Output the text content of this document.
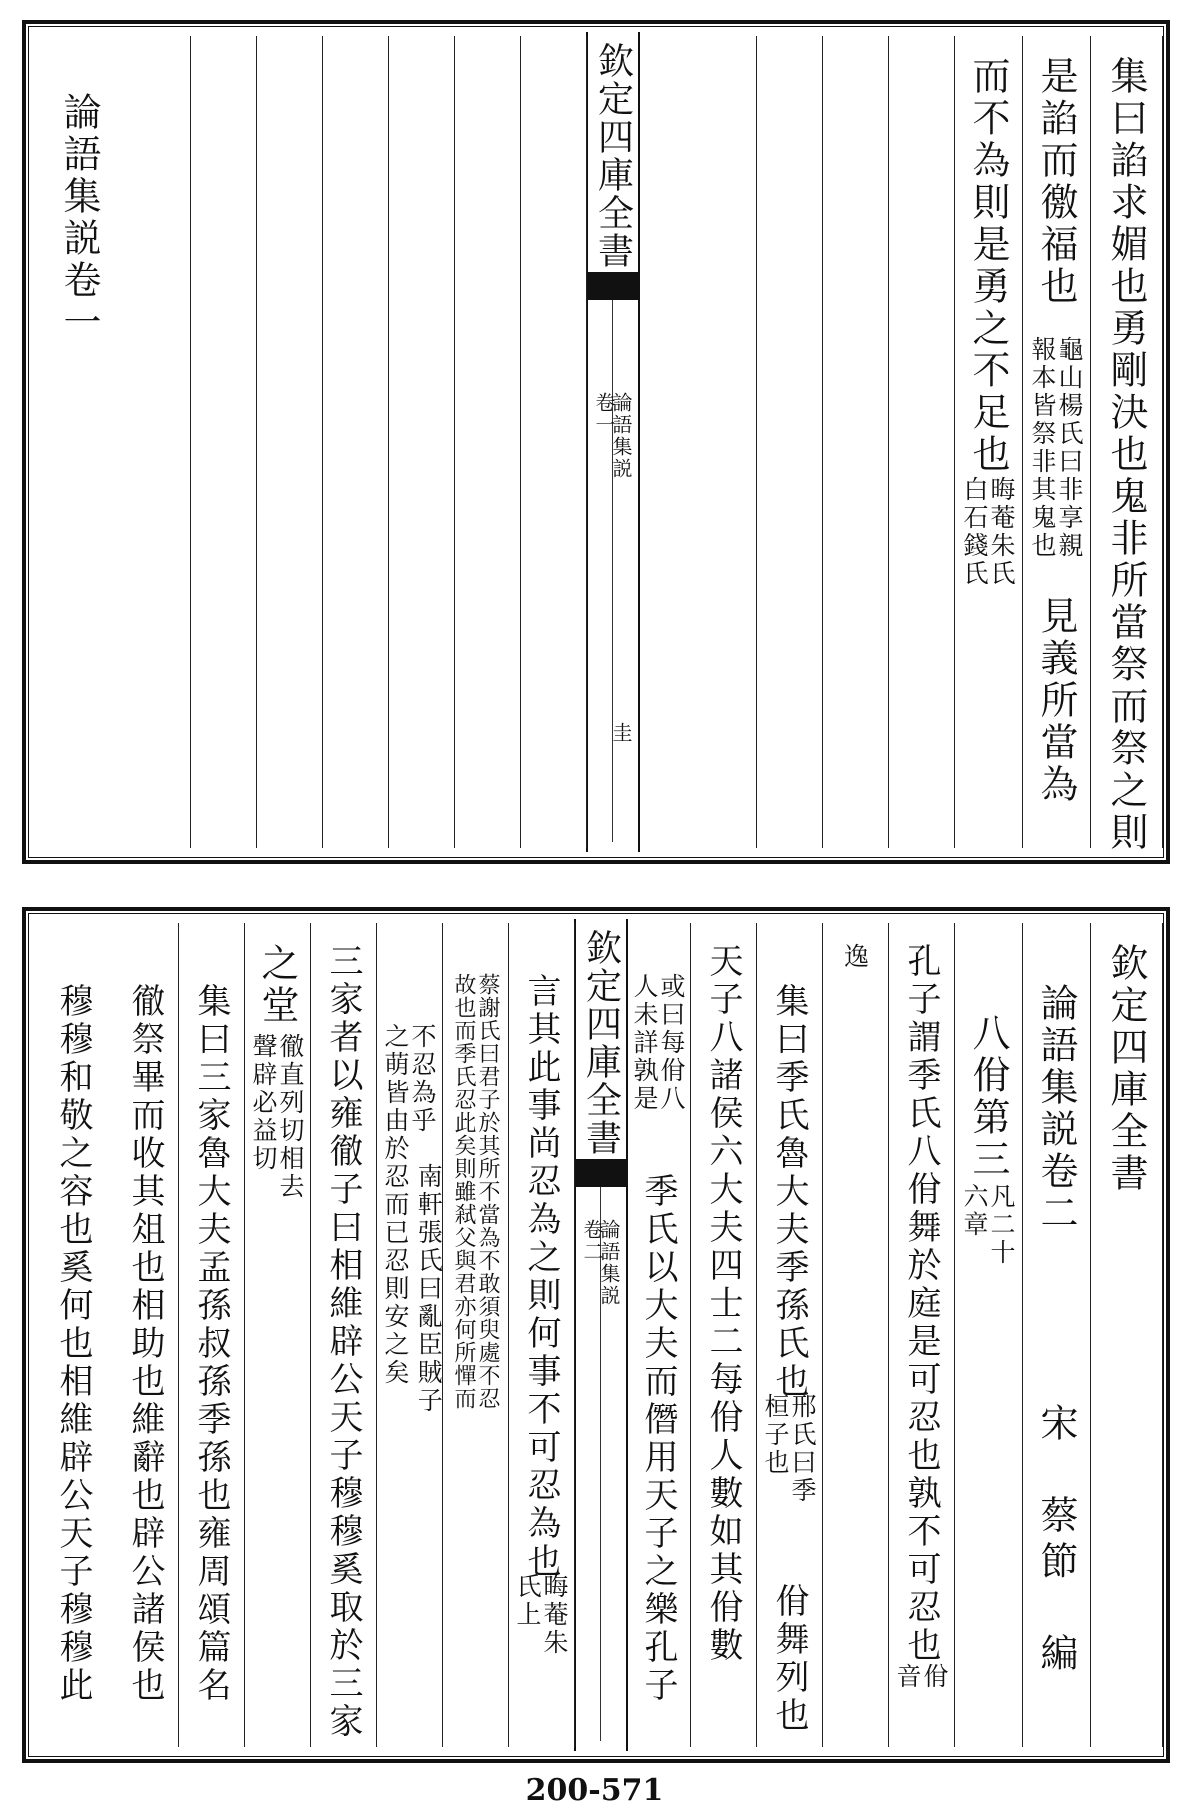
集曰諂求媚也勇剛決也鬼非所當祭而祭之則
是諂而徼福也
龜山楊氏曰非享親
報本皆祭非其鬼也
見義所當為
而不為則是勇之不足也
晦菴朱氏
白石錢氏
欽定四庫全書
論語集説
卷一
圭
論語集説卷一
欽定四庫全書
論語集説卷二
宋　蔡節　編
八佾第三
凡二十
六章
孔子謂季氏八佾舞於庭是可忍也孰不可忍也
佾
音
逸
集曰季氏魯大夫季孫氏也
邢氏曰季
桓子也
佾舞列也
天子八諸侯六大夫四士二每佾人數如其佾數
或曰每佾八
人未詳孰是
季氏以大夫而僭用天子之樂孔子
欽定四庫全書
論語集説
卷二
言其此事尚忍為之則何事不可忍為也
晦菴朱
氏上
蔡謝氏曰君子於其所不當為不敢須臾處不忍
故也而季氏忍此矣則雖弒父與君亦何所憚而
不忍為乎
之萌皆由於忍而已忍則安之矣 南軒張氏曰亂臣賊子
三家者以雍徹子曰相維辟公天子穆穆奚取於三家
之堂
徹直列切相去
聲辟必益切
集曰三家魯大夫孟孫叔孫季孫也雍周頌篇名
徹祭畢而收其俎也相助也維辭也辟公諸侯也
穆穆和敬之容也奚何也相維辟公天子穆穆此
200-571
